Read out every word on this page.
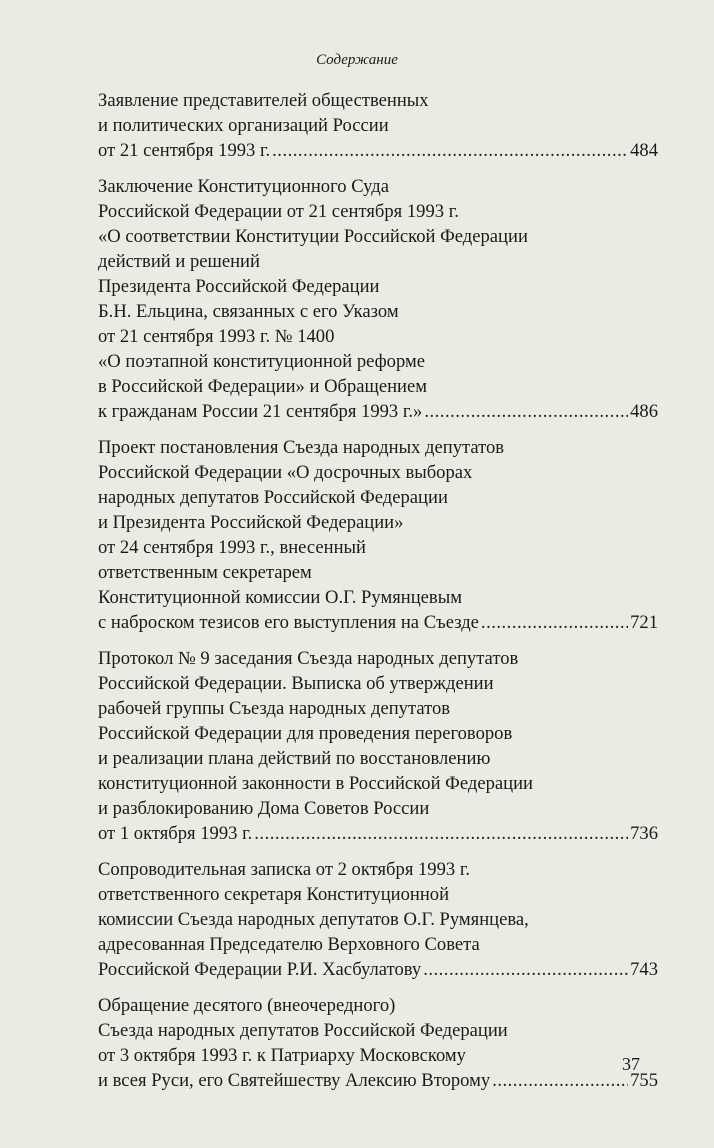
Содержание
Заявление представителей общественных
и политических организаций России
от 21 сентября 1993 г. .....	484
Заключение Конституционного Суда
Российской Федерации от 21 сентября 1993 г.
«О соответствии Конституции Российской Федерации
действий и решений
Президента Российской Федерации
Б.Н. Ельцина, связанных с его Указом
от 21 сентября 1993 г. № 1400
«О поэтапной конституционной реформе
в Российской Федерации» и Обращением
к гражданам России 21 сентября 1993 г.» .....	486
Проект постановления Съезда народных депутатов
Российской Федерации «О досрочных выборах
народных депутатов Российской Федерации
и Президента Российской Федерации»
от 24 сентября 1993 г., внесенный
ответственным секретарем
Конституционной комиссии О.Г. Румянцевым
с наброском тезисов его выступления на Съезде .....	721
Протокол № 9 заседания Съезда народных депутатов
Российской Федерации. Выписка об утверждении
рабочей группы Съезда народных депутатов
Российской Федерации для проведения переговоров
и реализации плана действий по восстановлению
конституционной законности в Российской Федерации
и разблокированию Дома Советов России
от 1 октября 1993 г. .....	736
Сопроводительная записка от 2 октября 1993 г.
ответственного секретаря Конституционной
комиссии Съезда народных депутатов О.Г. Румянцева,
адресованная Председателю Верховного Совета
Российской Федерации Р.И. Хасбулатову .....	743
Обращение десятого (внеочередного)
Съезда народных депутатов Российской Федерации
от 3 октября 1993 г. к Патриарху Московскому
и всея Руси, его Святейшеству Алексию Второму .....	755
37
